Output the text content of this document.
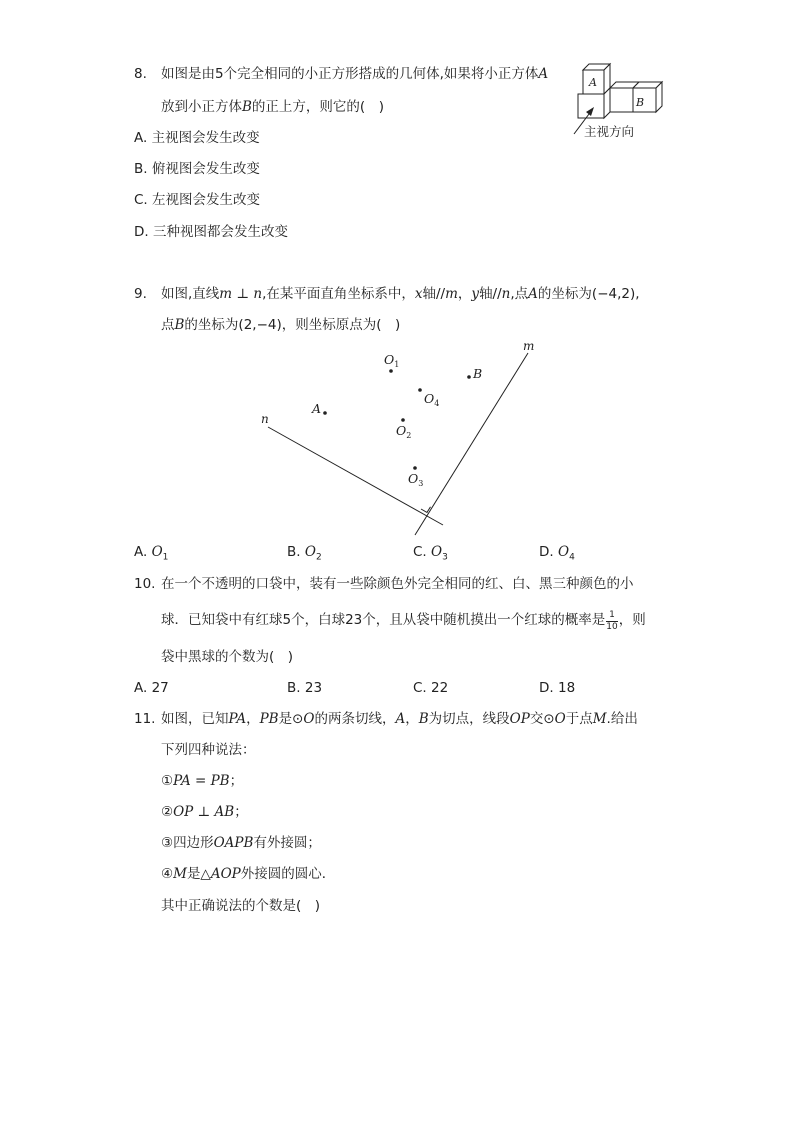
8. 如图是由5个完全相同的小正方形搭成的几何体,如果将小正方体A
放到小正方体B的正上方，则它的(　)
A
B
主视方向
A. 主视图会发生改变
B. 俯视图会发生改变
C. 左视图会发生改变
D. 三种视图都会发生改变
9. 如图,直线m ⊥ n,在某平面直角坐标系中，x轴//m，y轴//n,点A的坐标为(−4,2),
点B的坐标为(2,−4)，则坐标原点为(　)
m
n
$O_1$
B
$O_4$
A
$O_2$
$O_3$
A. $O_1$	B. $O_2$	C. $O_3$	D. $O_4$
10. 在一个不透明的口袋中，装有一些除颜色外完全相同的红、白、黑三种颜色的小
球．已知袋中有红球5个，白球23个，且从袋中随机摸出一个红球的概率是 $\frac{1}{10}$ ，则
袋中黑球的个数为(　)
A. 27	B. 23	C. 22	D. 18
11. 如图，已知PA，PB是⊙O的两条切线，A，B为切点，线段OP交⊙O于点M.给出
下列四种说法：
①PA = PB；
②OP ⊥ AB；
③四边形OAPB有外接圆；
④M是△AOP外接圆的圆心．
其中正确说法的个数是(　)
